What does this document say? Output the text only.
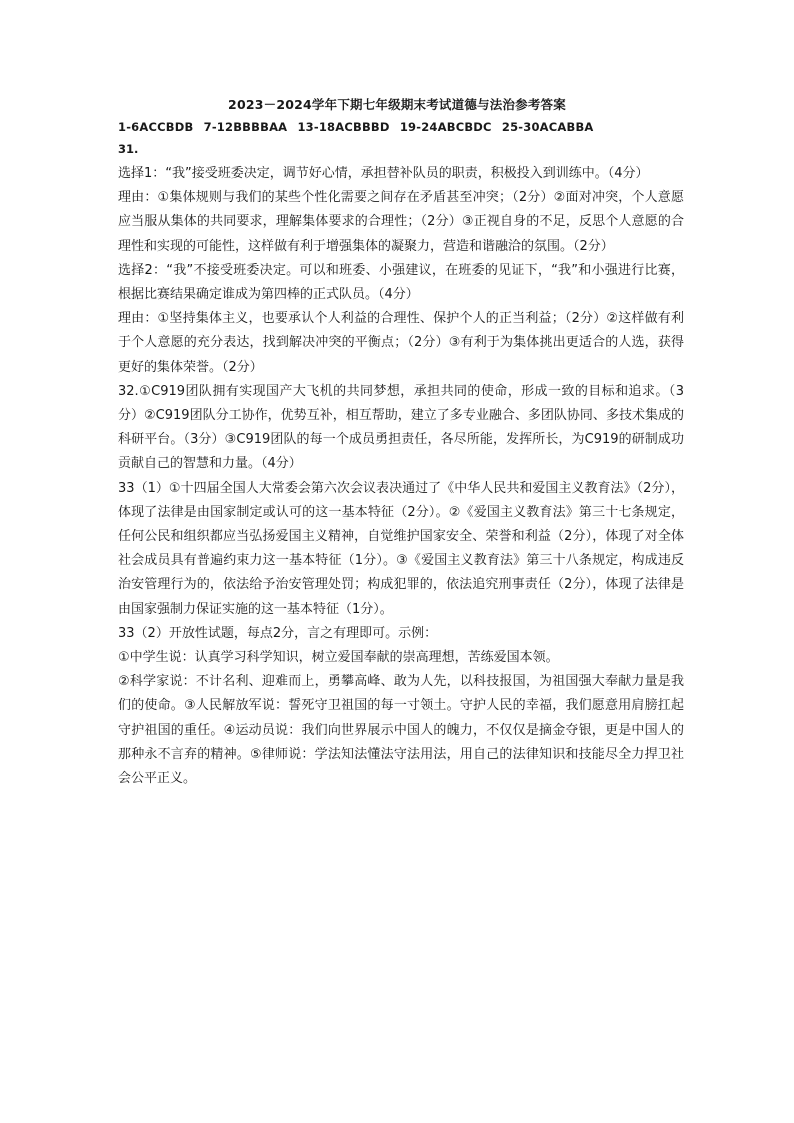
2023－2024学年下期七年级期末考试道德与法治参考答案
1-6ACCBDB 7-12BBBBAA 13-18ACBBBD 19-24ABCBDC 25-30ACABBA
31.

选择1：“我”接受班委决定，调节好心情，承担替补队员的职责，积极投入到训练中。（4分）

理由：①集体规则与我们的某些个性化需要之间存在矛盾甚至冲突；（2分）②面对冲突，个人意愿应当服从集体的共同要求，理解集体要求的合理性；（2分）③正视自身的不足，反思个人意愿的合理性和实现的可能性，这样做有利于增强集体的凝聚力，营造和谐融洽的氛围。（2分）

选择2：“我”不接受班委决定。可以和班委、小强建议，在班委的见证下，“我”和小强进行比赛，根据比赛结果确定谁成为第四棒的正式队员。（4分）

理由：①坚持集体主义，也要承认个人利益的合理性、保护个人的正当利益；（2分）②这样做有利于个人意愿的充分表达，找到解决冲突的平衡点；（2分）③有利于为集体挑出更适合的人选，获得更好的集体荣誉。（2分）

32.①C919团队拥有实现国产大飞机的共同梦想，承担共同的使命，形成一致的目标和追求。（3分）②C919团队分工协作，优势互补，相互帮助，建立了多专业融合、多团队协同、多技术集成的科研平台。（3分）③C919团队的每一个成员勇担责任，各尽所能，发挥所长，为C919的研制成功贡献自己的智慧和力量。（4分）

33（1）①十四届全国人大常委会第六次会议表决通过了《中华人民共和爱国主义教育法》（2分），体现了法律是由国家制定或认可的这一基本特征（2分）。②《爱国主义教育法》第三十七条规定，任何公民和组织都应当弘扬爱国主义精神，自觉维护国家安全、荣誉和利益（2分），体现了对全体社会成员具有普遍约束力这一基本特征（1分）。③《爱国主义教育法》第三十八条规定，构成违反治安管理行为的，依法给予治安管理处罚；构成犯罪的，依法追究刑事责任（2分），体现了法律是由国家强制力保证实施的这一基本特征（1分）。

33（2）开放性试题，每点2分，言之有理即可。示例：

①中学生说：认真学习科学知识，树立爱国奉献的崇高理想，苦练爱国本领。

②科学家说：不计名利、迎难而上，勇攀高峰、敢为人先，以科技报国，为祖国强大奉献力量是我们的使命。③人民解放军说：誓死守卫祖国的每一寸领土。守护人民的幸福，我们愿意用肩膀扛起守护祖国的重任。④运动员说：我们向世界展示中国人的魄力，不仅仅是摘金夺银，更是中国人的那种永不言弃的精神。⑤律师说：学法知法懂法守法用法，用自己的法律知识和技能尽全力捍卫社会公平正义。
